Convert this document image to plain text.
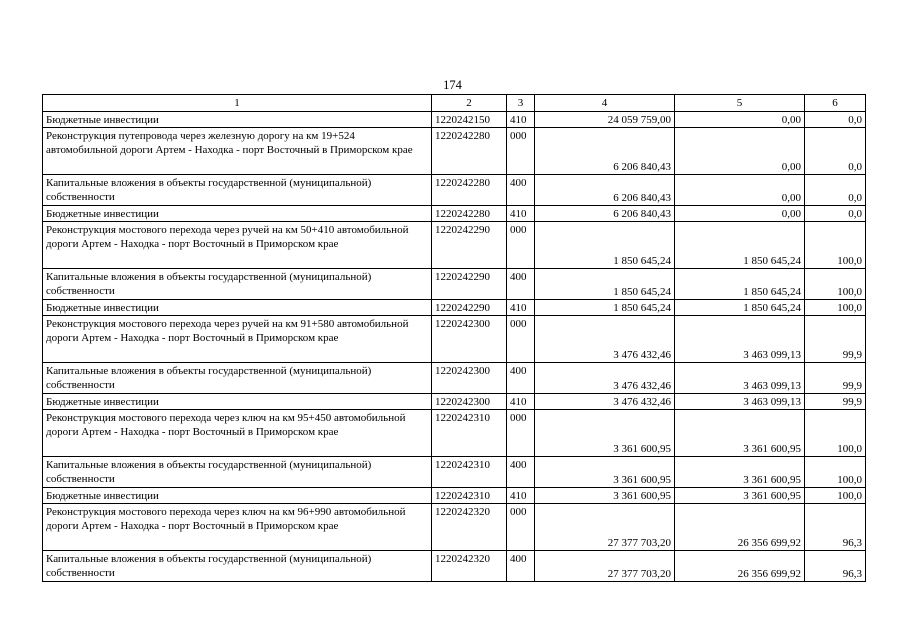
174
1	2	3	4	5	6
Бюджетные инвестиции	1220242150	410	24 059 759,00	0,00	0,0
Реконструкция путепровода через железную дорогу на км 19+524 автомобильной дороги Артем - Находка - порт Восточный в Приморском крае	1220242280	000	6 206 840,43	0,00	0,0
Капитальные вложения в объекты государственной (муниципальной) собственности	1220242280	400	6 206 840,43	0,00	0,0
Бюджетные инвестиции	1220242280	410	6 206 840,43	0,00	0,0
Реконструкция мостового перехода через ручей на км 50+410 автомобильной дороги Артем - Находка - порт Восточный в Приморском крае	1220242290	000	1 850 645,24	1 850 645,24	100,0
Капитальные вложения в объекты государственной (муниципальной) собственности	1220242290	400	1 850 645,24	1 850 645,24	100,0
Бюджетные инвестиции	1220242290	410	1 850 645,24	1 850 645,24	100,0
Реконструкция мостового перехода через ручей на км 91+580 автомобильной дороги Артем - Находка - порт Восточный в Приморском крае	1220242300	000	3 476 432,46	3 463 099,13	99,9
Капитальные вложения в объекты государственной (муниципальной) собственности	1220242300	400	3 476 432,46	3 463 099,13	99,9
Бюджетные инвестиции	1220242300	410	3 476 432,46	3 463 099,13	99,9
Реконструкция мостового перехода через ключ на км 95+450 автомобильной дороги Артем - Находка - порт Восточный в Приморском крае	1220242310	000	3 361 600,95	3 361 600,95	100,0
Капитальные вложения в объекты государственной (муниципальной) собственности	1220242310	400	3 361 600,95	3 361 600,95	100,0
Бюджетные инвестиции	1220242310	410	3 361 600,95	3 361 600,95	100,0
Реконструкция мостового перехода через ключ на км 96+990 автомобильной дороги Артем - Находка - порт Восточный в Приморском крае	1220242320	000	27 377 703,20	26 356 699,92	96,3
Капитальные вложения в объекты государственной (муниципальной) собственности	1220242320	400	27 377 703,20	26 356 699,92	96,3
